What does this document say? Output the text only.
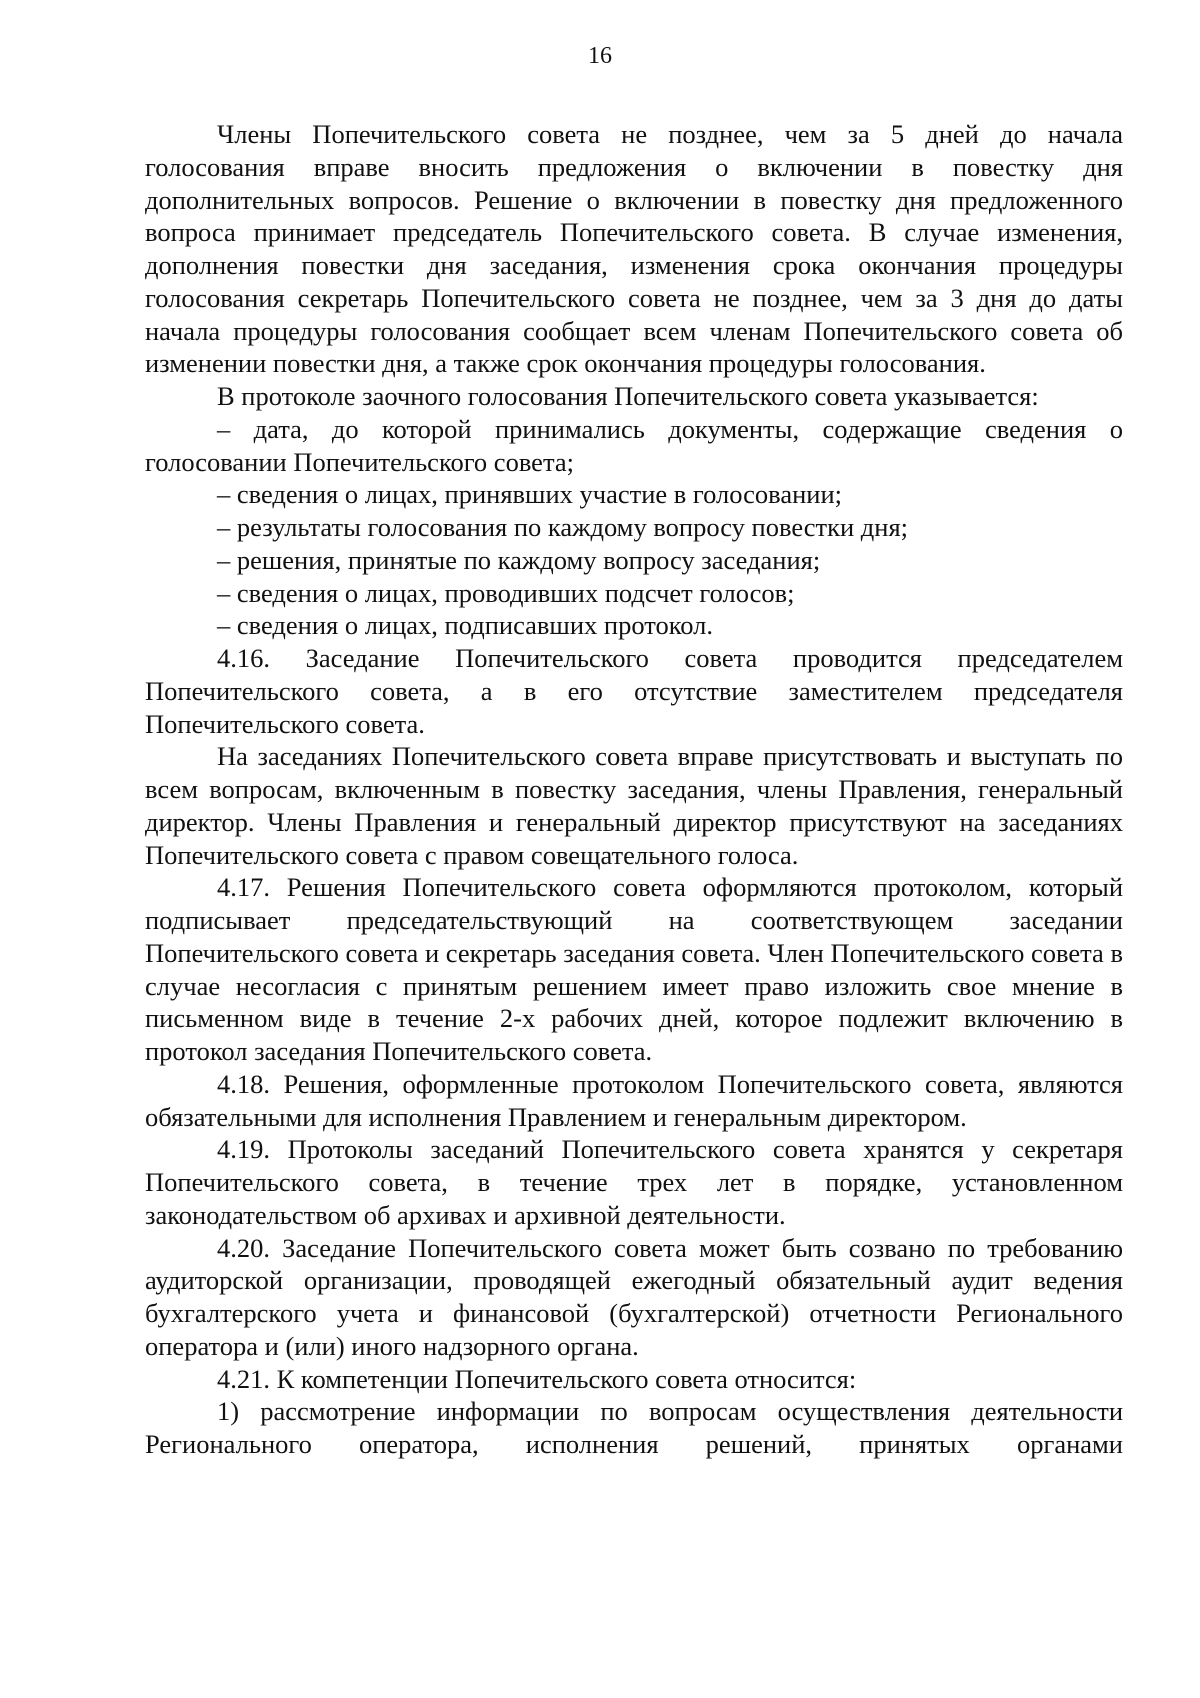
16

Члены Попечительского совета не позднее, чем за 5 дней до начала голосования вправе вносить предложения о включении в повестку дня дополнительных вопросов. Решение о включении в повестку дня предложенного вопроса принимает председатель Попечительского совета. В случае изменения, дополнения повестки дня заседания, изменения срока окончания процедуры голосования секретарь Попечительского совета не позднее, чем за 3 дня до даты начала процедуры голосования сообщает всем членам Попечительского совета об изменении повестки дня, а также срок окончания процедуры голосования.

В протоколе заочного голосования Попечительского совета указывается:

– дата, до которой принимались документы, содержащие сведения о голосовании Попечительского совета;

– сведения о лицах, принявших участие в голосовании;

– результаты голосования по каждому вопросу повестки дня;

– решения, принятые по каждому вопросу заседания;

– сведения о лицах, проводивших подсчет голосов;

– сведения о лицах, подписавших протокол.

4.16. Заседание Попечительского совета проводится председателем Попечительского совета, а в его отсутствие заместителем председателя Попечительского совета.

На заседаниях Попечительского совета вправе присутствовать и выступать по всем вопросам, включенным в повестку заседания, члены Правления, генеральный директор. Члены Правления и генеральный директор присутствуют на заседаниях Попечительского совета с правом совещательного голоса.

4.17. Решения Попечительского совета оформляются протоколом, который подписывает председательствующий на соответствующем заседании Попечительского совета и секретарь заседания совета. Член Попечительского совета в случае несогласия с принятым решением имеет право изложить свое мнение в письменном виде в течение 2-х рабочих дней, которое подлежит включению в протокол заседания Попечительского совета.

4.18. Решения, оформленные протоколом Попечительского совета, являются обязательными для исполнения Правлением и генеральным директором.

4.19. Протоколы заседаний Попечительского совета хранятся у секретаря Попечительского совета, в течение трех лет в порядке, установленном законодательством об архивах и архивной деятельности.

4.20. Заседание Попечительского совета может быть созвано по требованию аудиторской организации, проводящей ежегодный обязательный аудит ведения бухгалтерского учета и финансовой (бухгалтерской) отчетности Регионального оператора и (или) иного надзорного органа.

4.21. К компетенции Попечительского совета относится:

1) рассмотрение информации по вопросам осуществления деятельности Регионального оператора, исполнения решений, принятых органами
